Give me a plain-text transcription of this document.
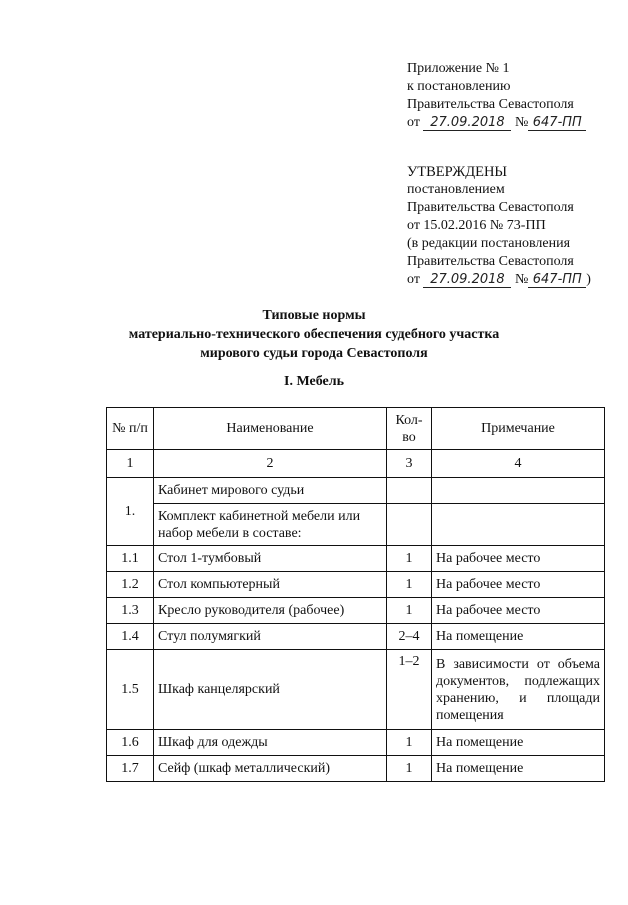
Приложение № 1
к постановлению
Правительства Севастополя
от 27.09.2018 № 647-ПП
УТВЕРЖДЕНЫ
постановлением
Правительства Севастополя
от 15.02.2016 № 73-ПП
(в редакции постановления
Правительства Севастополя
от 27.09.2018 № 647-ПП )
Типовые нормы
материально-технического обеспечения судебного участка
мирового судьи города Севастополя
I. Мебель
№ п/п	Наименование	Кол-во	Примечание
1	2	3	4
1.	Кабинет мирового судьи		
	Комплект кабинетной мебели или набор мебели в составе:		
1.1	Стол 1-тумбовый	1	На рабочее место
1.2	Стол компьютерный	1	На рабочее место
1.3	Кресло руководителя (рабочее)	1	На рабочее место
1.4	Стул полумягкий	2–4	На помещение
1.5	Шкаф канцелярский	1–2	В зависимости от объема документов, подлежащих хранению, и площади помещения
1.6	Шкаф для одежды	1	На помещение
1.7	Сейф (шкаф металлический)	1	На помещение
